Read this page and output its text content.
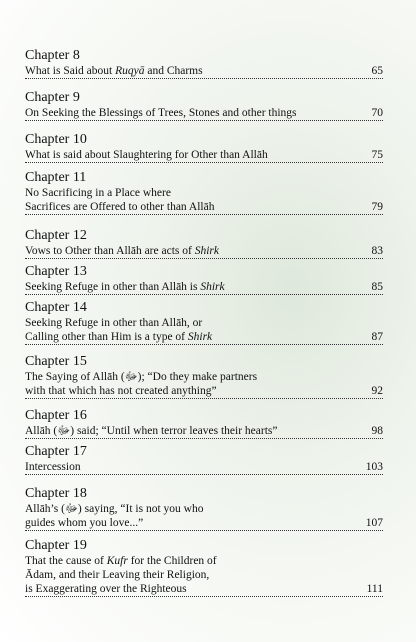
Chapter 8
What is Said about Ruqyā and Charms	65
Chapter 9
On Seeking the Blessings of Trees, Stones and other things	70
Chapter 10
What is said about Slaughtering for Other than Allāh	75
Chapter 11
No Sacrificing in a Place where
Sacrifices are Offered to other than Allāh	79
Chapter 12
Vows to Other than Allāh are acts of Shirk	83
Chapter 13
Seeking Refuge in other than Allāh is Shirk	85
Chapter 14
Seeking Refuge in other than Allāh, or
Calling other than Him is a type of Shirk	87
Chapter 15
The Saying of Allāh (ﷻ); “Do they make partners
with that which has not created anything”	92
Chapter 16
Allāh (ﷻ) said; “Until when terror leaves their hearts”	98
Chapter 17
Intercession	103
Chapter 18
Allāh’s (ﷻ) saying, “It is not you who
guides whom you love...”	107
Chapter 19
That the cause of Kufr for the Children of
Ādam, and their Leaving their Religion,
is Exaggerating over the Righteous	111
